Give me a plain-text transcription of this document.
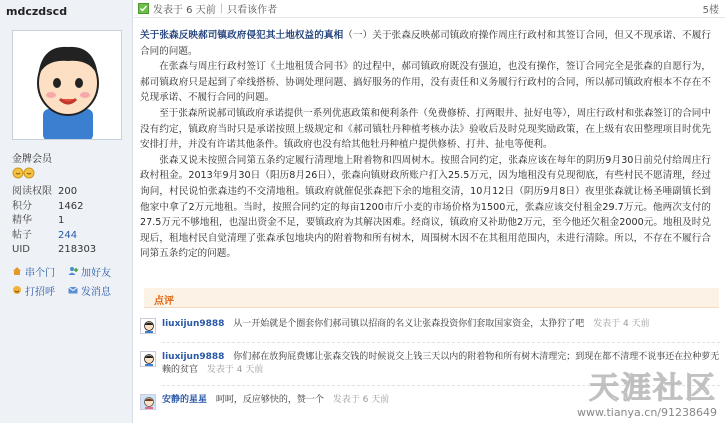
mdczdscd
金牌会员
阅读权限 200
积分	1462
精华	1
帖子	244
UID	218303
串个门	加好友
打招呼	发消息
发表于 6 天前 | 只看该作者	5楼

关于张森反映郝司镇政府侵犯其土地权益的真相（一）关于张森反映郝司镇政府操作周庄行政村和其签订合同，但又不现承诺、不履行合同的问题。

在张森与周庄行政村签订《土地租赁合同书》的过程中，郝司镇政府既没有强迫，也没有操作，签订合同完全是张森的自愿行为，郝司镇政府只是起到了牵线搭桥、协调处理问题、搞好服务的作用，没有责任和义务履行行政村的合同，所以郝司镇政府根本不存在不兑现承诺、不履行合同的问题。

至于张森所说郝司镇政府承诺提供一系列优惠政策和便利条件（免费修桥、打两眼井、扯好电等），周庄行政村和张森签订的合同中没有约定，镇政府当时只是承诺按照上级规定和《郝司镇牡丹种植考核办法》验收后及时兑现奖励政策，在上级有农田整理项目时优先安排打井，并没有许诺其他条件。镇政府也没有给其他牡丹种植户提供修桥、打井、扯电等便利。

张森又说未按照合同第五条约定履行清理地上附着物和四周树木。按照合同约定，张森应该在每年的阴历9月30日前兑付给周庄行政村租金。2013年9月30日（阳历8月26日），张森向镇财政所账户打入25.5万元，因为地租没有兑现彻底，有些村民不愿清理，经过询问，村民说怕张森违约不交清地租。镇政府就催促张森把下余的地租交清，10月12日（阴历9月8日）夜里张森就让杨圣唾副镇长到他家中拿了2万元地租。当时，按照合同约定的每亩1200市斤小麦的市场价格为1500元，张森应该交付租金29.7万元。他两次支付的27.5万元不够地租，也湿出资金不足，要镇政府为其解决困难。经商议，镇政府又补助他2万元，至今他还欠租金2000元。地租及时兑现后，租地村民自觉清理了张森承包地块内的附着物和所有树木，周围树木因不在其租用范围内，未进行清除。所以，不存在不履行合同第五条约定的问题。

点评
liuxijun9888 从一开始就是个圈套你们郝司镇以招商的名义让张森投资你们套取国家资金，太狰狞了吧 发表于 4 天前
liuxijun9888 你们郝在放狗屁费娜让张森交钱的时候说交上钱三天以内的附着物和所有树木清理完；到现在都不清理不说事还在拉种萝无赖的贫官 发表于 4 天前
安静的星星 呵呵，反应够快的，赞一个 发表于 6 天前	天涯社区
www.tianya.cn/91238649
